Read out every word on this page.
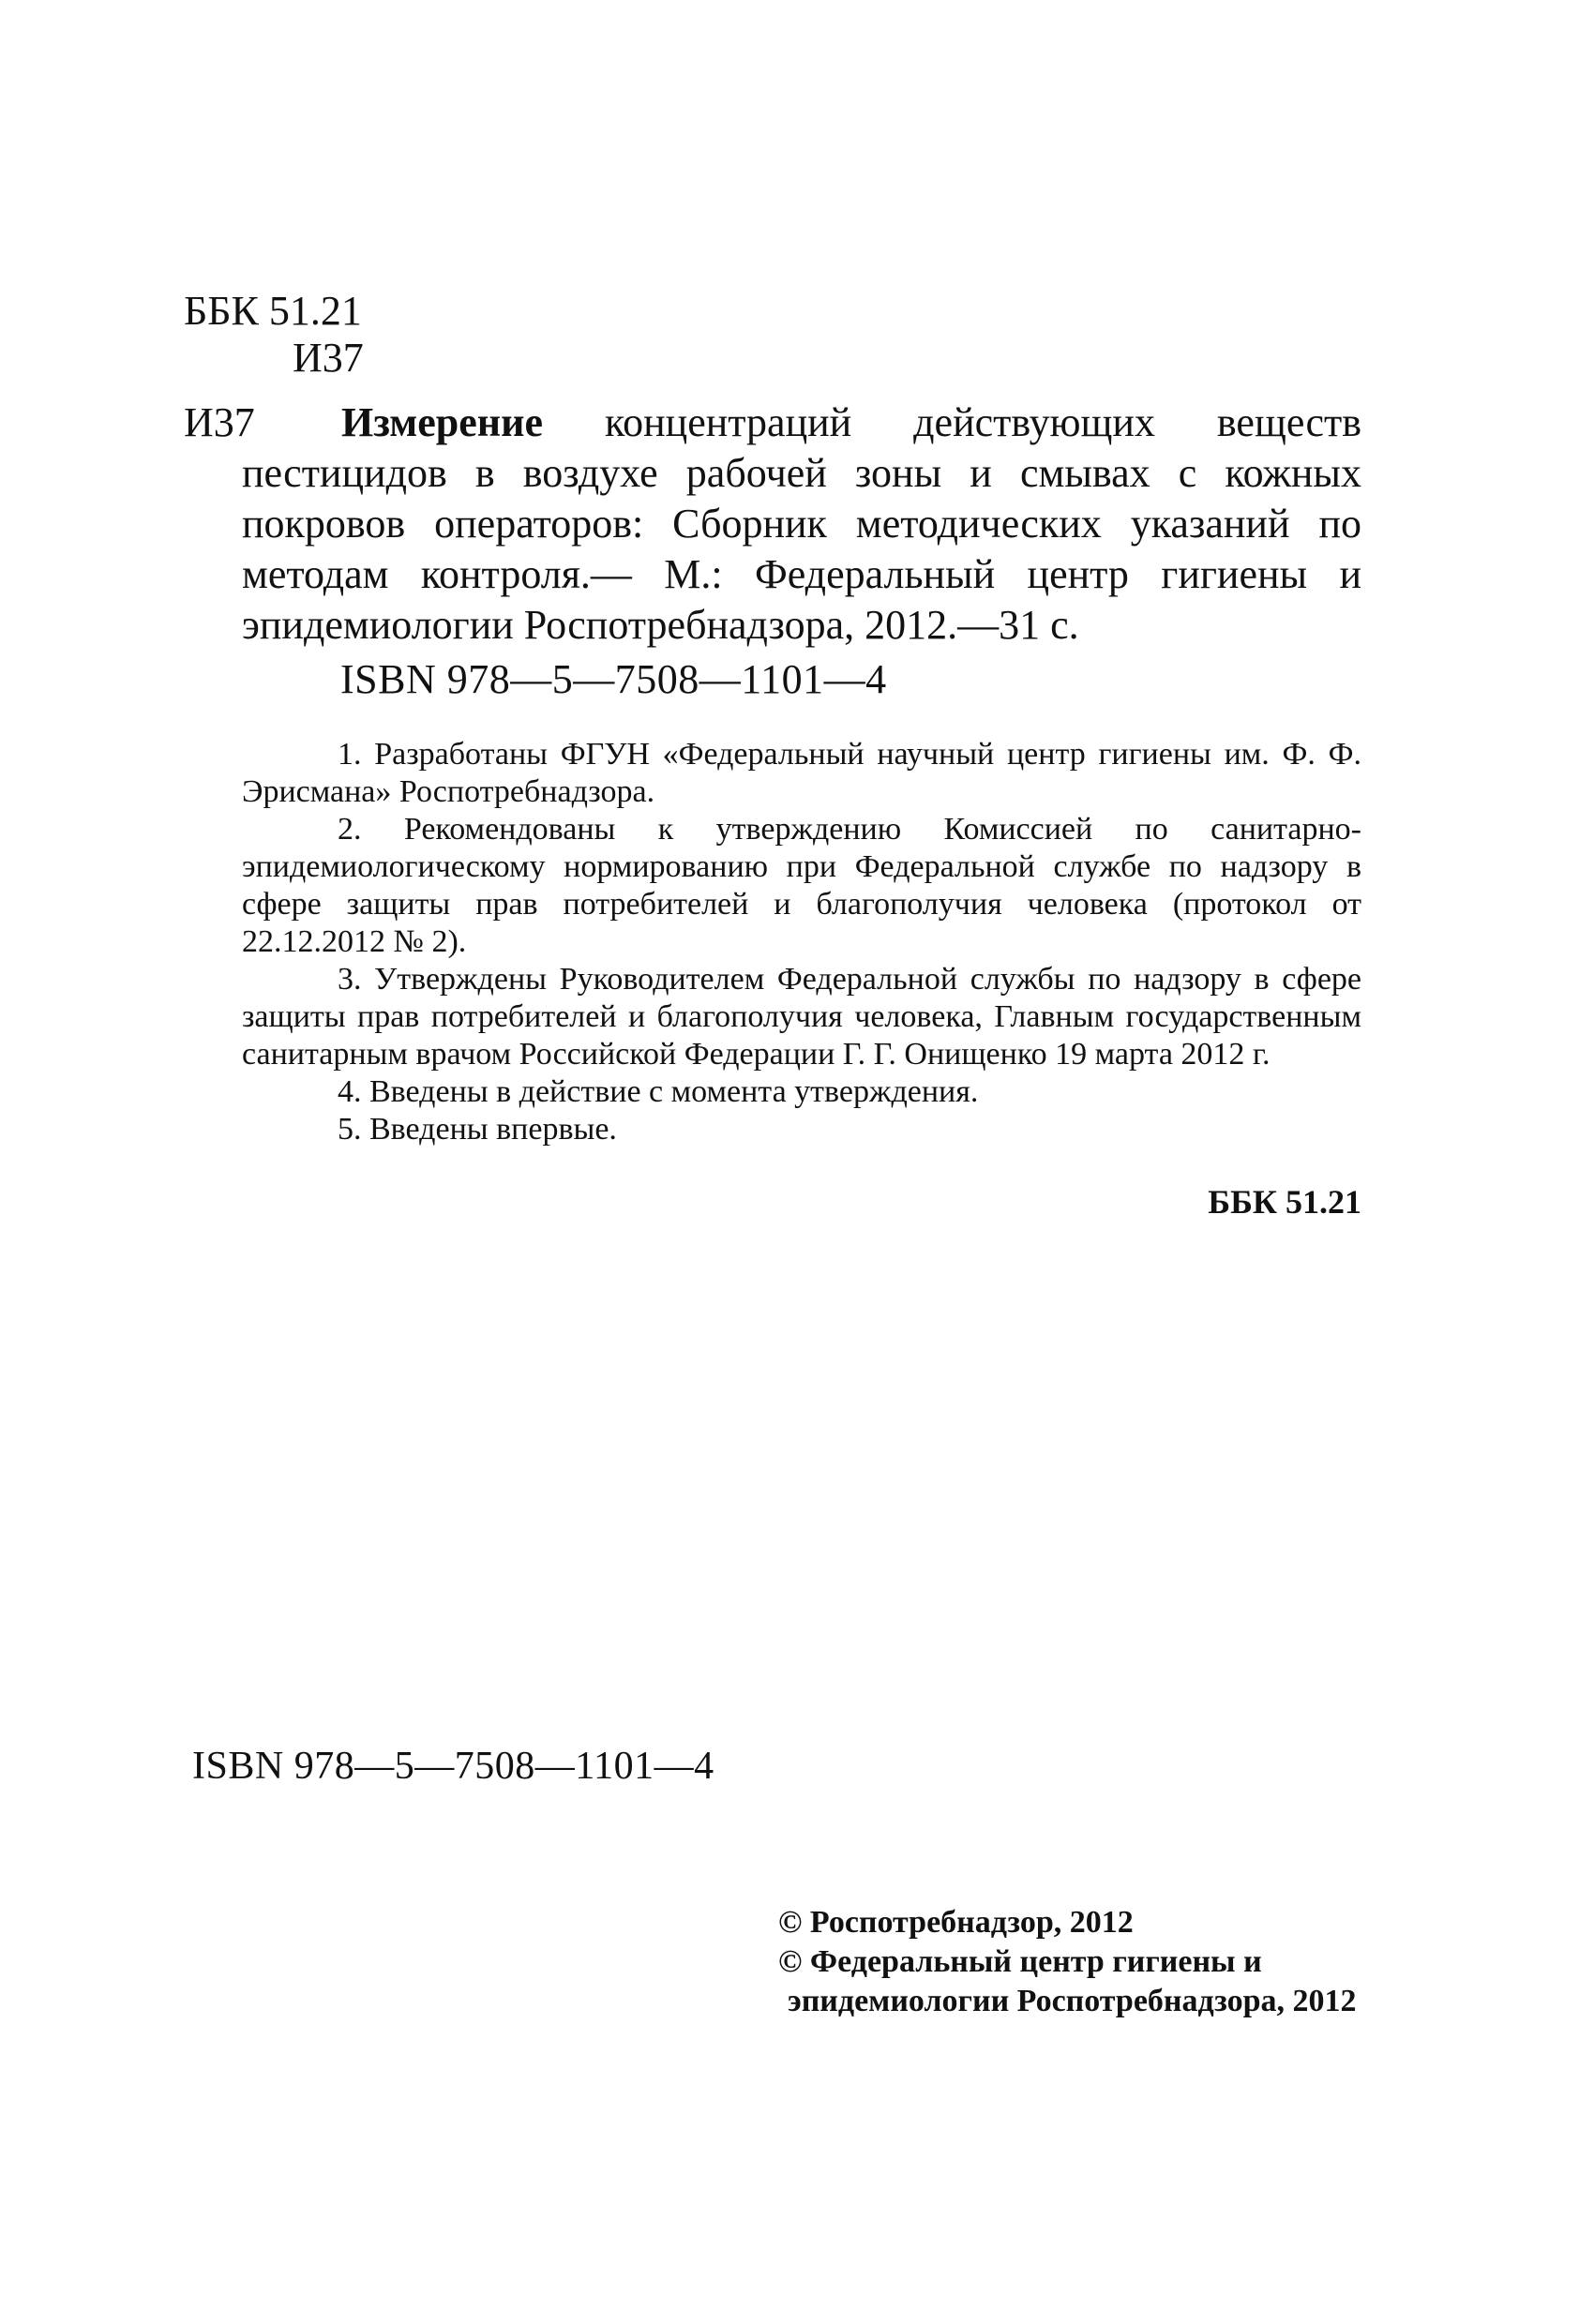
ББК 51.21
И37
И37	Измерение концентраций действующих веществ пестицидов в воздухе рабочей зоны и смывах с кожных покровов операторов: Сборник методических указаний по методам контроля.— М.: Федеральный центр гигиены и эпидемиологии Роспотребнадзора, 2012.—31 с.
ISBN 978—5—7508—1101—4

1. Разработаны ФГУН «Федеральный научный центр гигиены им. Ф. Ф. Эрисмана» Роспотребнадзора.

2. Рекомендованы к утверждению Комиссией по санитарно-эпидемиологическому нормированию при Федеральной службе по надзору в сфере защиты прав потребителей и благополучия человека (протокол от 22.12.2012 № 2).

3. Утверждены Руководителем Федеральной службы по надзору в сфере защиты прав потребителей и благополучия человека, Главным государственным санитарным врачом Российской Федерации Г. Г. Онищенко 19 марта 2012 г.

4. Введены в действие с момента утверждения.

5. Введены впервые.

ББК 51.21
ISBN 978—5—7508—1101—4
© Роспотребнадзор, 2012
© Федеральный центр гигиены и
эпидемиологии Роспотребнадзора, 2012
